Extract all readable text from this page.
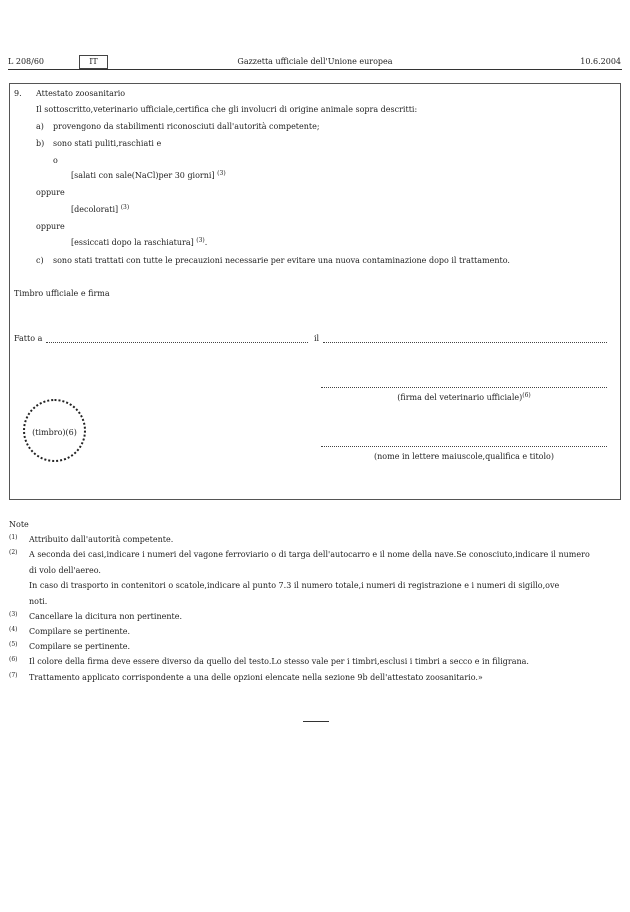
L 208/60	IT	Gazzetta ufficiale dell'Unione europea	10.6.2004
9. Attestato zoosanitario
Il sottoscritto,veterinario ufficiale,certifica che gli involucri di origine animale sopra descritti:
a) provengono da stabilimenti riconosciuti dall'autorità competente;
b) sono stati puliti,raschiati e
o
[salati con sale(NaCl)per 30 giorni] $^{(3)}$
oppure
[decolorati] $^{(3)}$
oppure
[essiccati dopo la raschiatura] $^{(3)}$.
c) sono stati trattati con tutte le precauzioni necessarie per evitare una nuova contaminazione dopo il trattamento.
Timbro ufficiale e firma
Fatto a	il
(firma del veterinario ufficiale)$^{(6)}$
(timbro)(6)
(nome in lettere maiuscole,qualifica e titolo)
Note
$^{(1)}$ Attribuito dall'autorità competente.
$^{(2)}$ A seconda dei casi,indicare i numeri del vagone ferroviario o di targa dell'autocarro e il nome della nave.Se conosciuto,indicare il numero
di volo dell'aereo.
In caso di trasporto in contenitori o scatole,indicare al punto 7.3 il numero totale,i numeri di registrazione e i numeri di sigillo,ove
noti.
$^{(3)}$ Cancellare la dicitura non pertinente.
$^{(4)}$ Compilare se pertinente.
$^{(5)}$ Compilare se pertinente.
$^{(6)}$ Il colore della firma deve essere diverso da quello del testo.Lo stesso vale per i timbri,esclusi i timbri a secco e in filigrana.
$^{(7)}$ Trattamento applicato corrispondente a una delle opzioni elencate nella sezione 9b dell'attestato zoosanitario.»
